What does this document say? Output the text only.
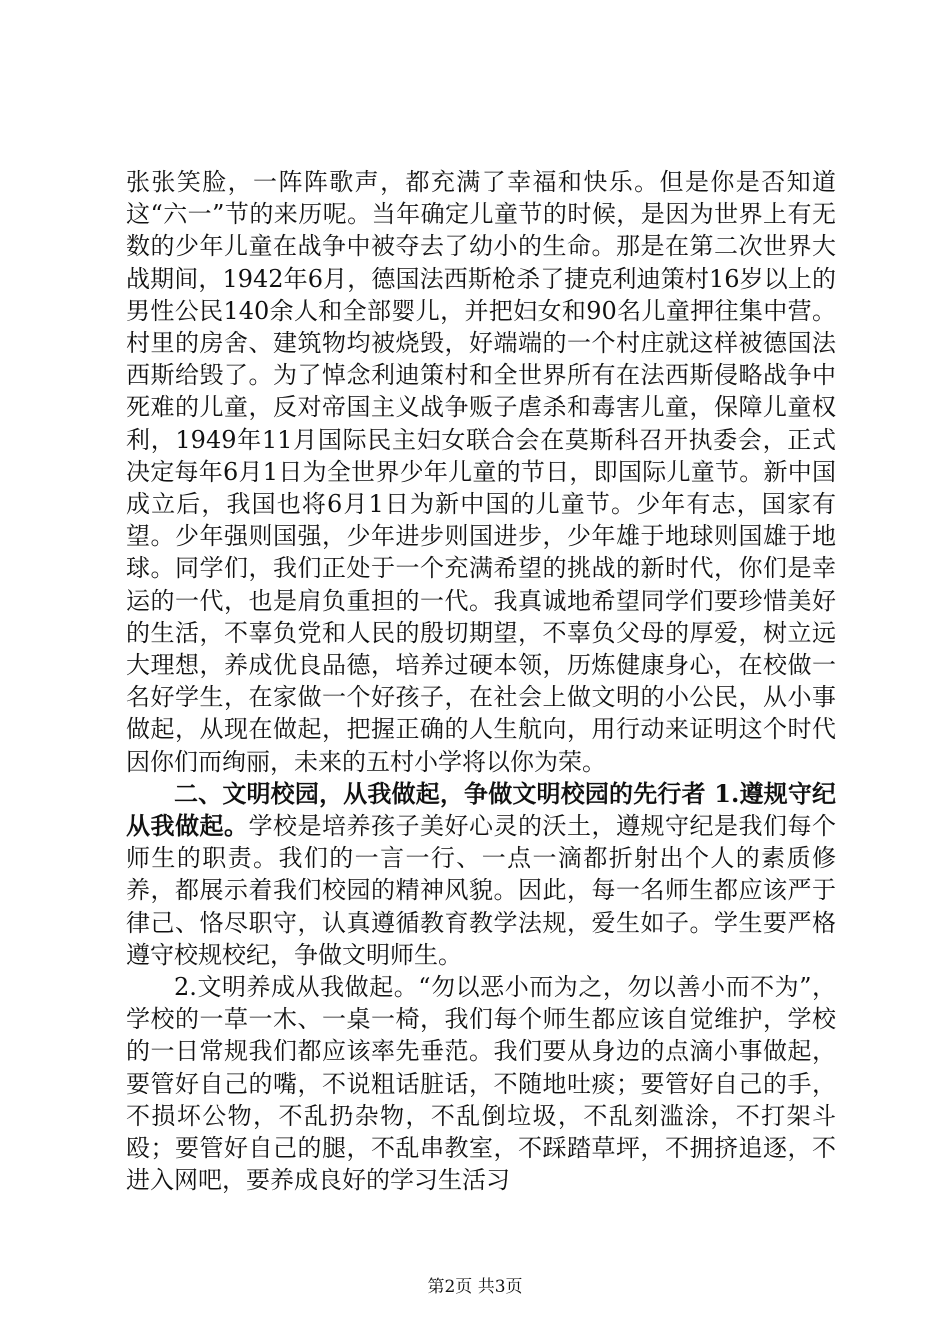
张张笑脸，一阵阵歌声，都充满了幸福和快乐。但是你是否知道这“六一”节的来历呢。当年确定儿童节的时候，是因为世界上有无数的少年儿童在战争中被夺去了幼小的生命。那是在第二次世界大战期间，1942年6月，德国法西斯枪杀了捷克利迪策村16岁以上的男性公民140余人和全部婴儿，并把妇女和90名儿童押往集中营。村里的房舍、建筑物均被烧毁，好端端的一个村庄就这样被德国法西斯给毁了。为了悼念利迪策村和全世界所有在法西斯侵略战争中死难的儿童，反对帝国主义战争贩子虐杀和毒害儿童，保障儿童权利，1949年11月国际民主妇女联合会在莫斯科召开执委会，正式决定每年6月1日为全世界少年儿童的节日，即国际儿童节。新中国成立后，我国也将6月1日为新中国的儿童节。少年有志，国家有望。少年强则国强，少年进步则国进步，少年雄于地球则国雄于地球。同学们，我们正处于一个充满希望的挑战的新时代，你们是幸运的一代，也是肩负重担的一代。我真诚地希望同学们要珍惜美好的生活，不辜负党和人民的殷切期望，不辜负父母的厚爱，树立远大理想，养成优良品德，培养过硬本领，历炼健康身心，在校做一名好学生，在家做一个好孩子，在社会上做文明的小公民，从小事做起，从现在做起，把握正确的人生航向，用行动来证明这个时代因你们而绚丽，未来的五村小学将以你为荣。

二、文明校园，从我做起，争做文明校园的先行者 1.遵规守纪从我做起。学校是培养孩子美好心灵的沃土，遵规守纪是我们每个师生的职责。我们的一言一行、一点一滴都折射出个人的素质修养，都展示着我们校园的精神风貌。因此，每一名师生都应该严于律己、恪尽职守，认真遵循教育教学法规，爱生如子。学生要严格遵守校规校纪，争做文明师生。

2.文明养成从我做起。“勿以恶小而为之，勿以善小而不为”，学校的一草一木、一桌一椅，我们每个师生都应该自觉维护，学校的一日常规我们都应该率先垂范。我们要从身边的点滴小事做起，要管好自己的嘴，不说粗话脏话，不随地吐痰；要管好自己的手，不损坏公物，不乱扔杂物，不乱倒垃圾，不乱刻滥涂，不打架斗殴；要管好自己的腿，不乱串教室，不踩踏草坪，不拥挤追逐，不进入网吧，要养成良好的学习生活习

第2页 共3页
